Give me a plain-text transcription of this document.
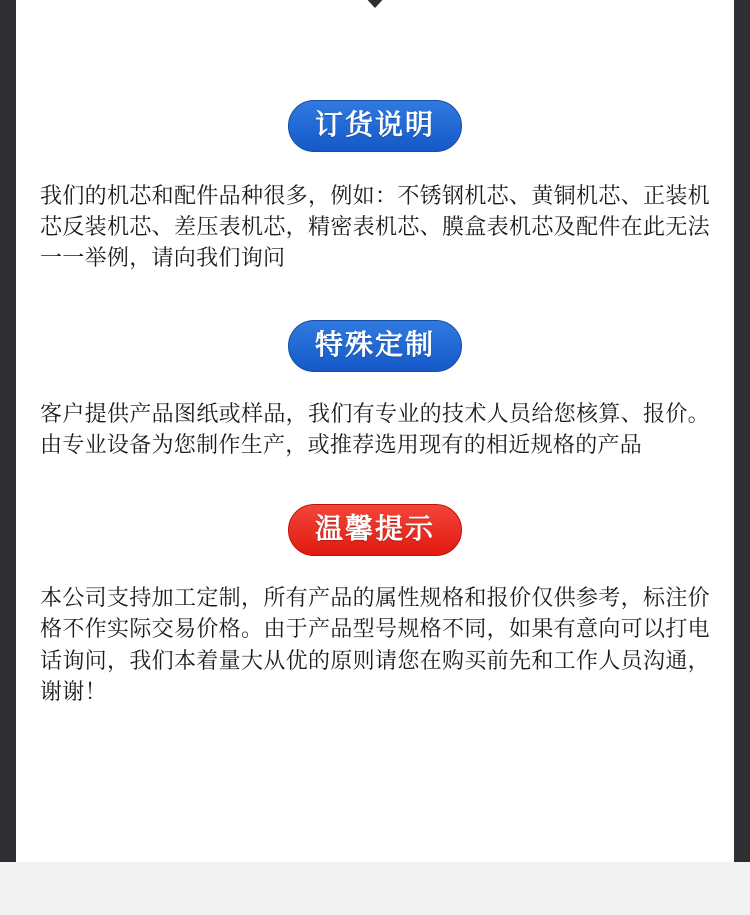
订货说明
我们的机芯和配件品种很多，例如：不锈钢机芯、黄铜机芯、正装机芯反装机芯、差压表机芯，精密表机芯、膜盒表机芯及配件在此无法一一举例，请向我们询问
特殊定制
客户提供产品图纸或样品，我们有专业的技术人员给您核算、报价。由专业设备为您制作生产，或推荐选用现有的相近规格的产品
温馨提示
本公司支持加工定制，所有产品的属性规格和报价仅供参考，标注价格不作实际交易价格。由于产品型号规格不同，如果有意向可以打电话询问，我们本着量大从优的原则请您在购买前先和工作人员沟通，谢谢！
